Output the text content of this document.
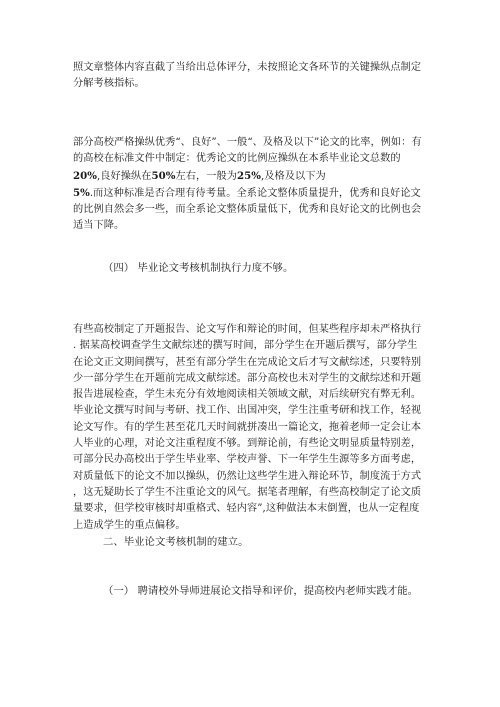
照文章整体内容直截了当给出总体评分，未按照论文各环节的关键操纵点制定
分解考核指标。
部分高校严格操纵优秀“、良好”、一般“、及格及以下”论文的比率，例如：有
的高校在标准文件中制定：优秀论文的比例应操纵在本系毕业论文总数的
20%,良好操纵在50%左右，一般为25%,及格及以下为
5%.而这种标准是否合理有待考量。全系论文整体质量提升，优秀和良好论文
的比例自然会多一些，而全系论文整体质量低下，优秀和良好论文的比例也会
适当下降。
（四） 毕业论文考核机制执行力度不够。
有些高校制定了开题报告、论文写作和辩论的时间，但某些程序却未严格执行
. 据某高校调查学生文献综述的撰写时间，部分学生在开题后撰写，部分学生
在论文正文期间撰写，甚至有部分学生在完成论文后才写文献综述，只要特别
少一部分学生在开题前完成文献综述。部分高校也未对学生的文献综述和开题
报告进展检查，学生未充分有效地阅读相关领域文献，对后续研究有弊无利。
毕业论文撰写时间与考研、找工作、出国冲突，学生注重考研和找工作，轻视
论文写作。有的学生甚至花几天时间就拼凑出一篇论文，拖着老师一定会让本
人毕业的心理，对论文注重程度不够。到辩论前，有些论文明显质量特别差，
可部分民办高校出于学生毕业率、学校声誉、下一年学生生源等多方面考虑，
对质量低下的论文不加以操纵，仍然让这些学生进入辩论环节，制度流于方式
，这无疑助长了学生不注重论文的风气。据笔者理解，有些高校制定了论文质
量要求，但学校审核时却重格式、轻内容”,这种做法本末倒置，也从一定程度
上造成学生的重点偏移。
二、毕业论文考核机制的建立。
（一） 聘请校外导师进展论文指导和评价，提高校内老师实践才能。
